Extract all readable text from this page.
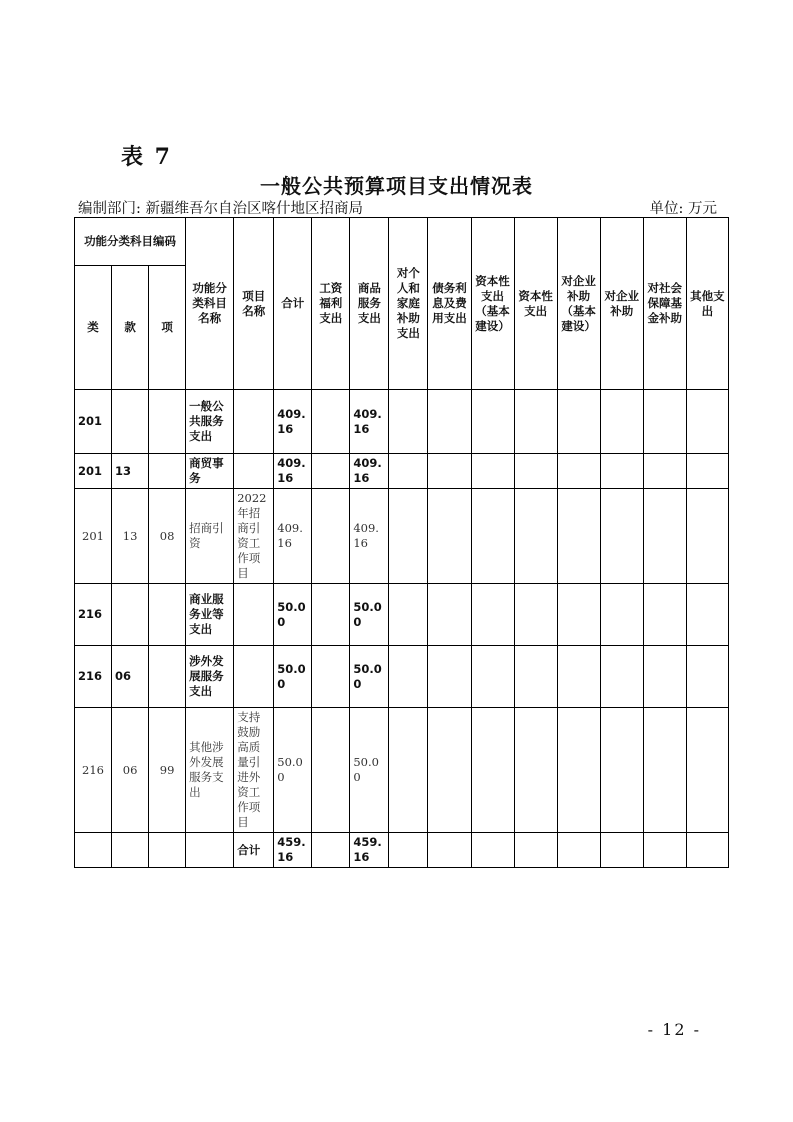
表 7
一般公共预算项目支出情况表
编制部门: 新疆维吾尔自治区喀什地区招商局	单位: 万元
功能分类科目编码			功能分类科目名称	项目名称	合计	工资福利支出	商品服务支出	对个人和家庭补助支出	债务利息及费用支出	资本性支出（基本建设）	资本性支出	对企业补助（基本建设）	对企业补助	对社会保障基金补助	其他支出
类	款	项													
201			一般公共服务支出		409.16		409.16								
201	13		商贸事务		409.16		409.16								
201	13	08	招商引资	2022年招商引资工作项目	409.16		409.16								
216			商业服务业等支出		50.00		50.00								
216	06		涉外发展服务支出		50.00		50.00								
216	06	99	其他涉外发展服务支出	支持鼓励高质量引进外资工作项目	50.00		50.00								
				合计	459.16		459.16								
- 12 -
